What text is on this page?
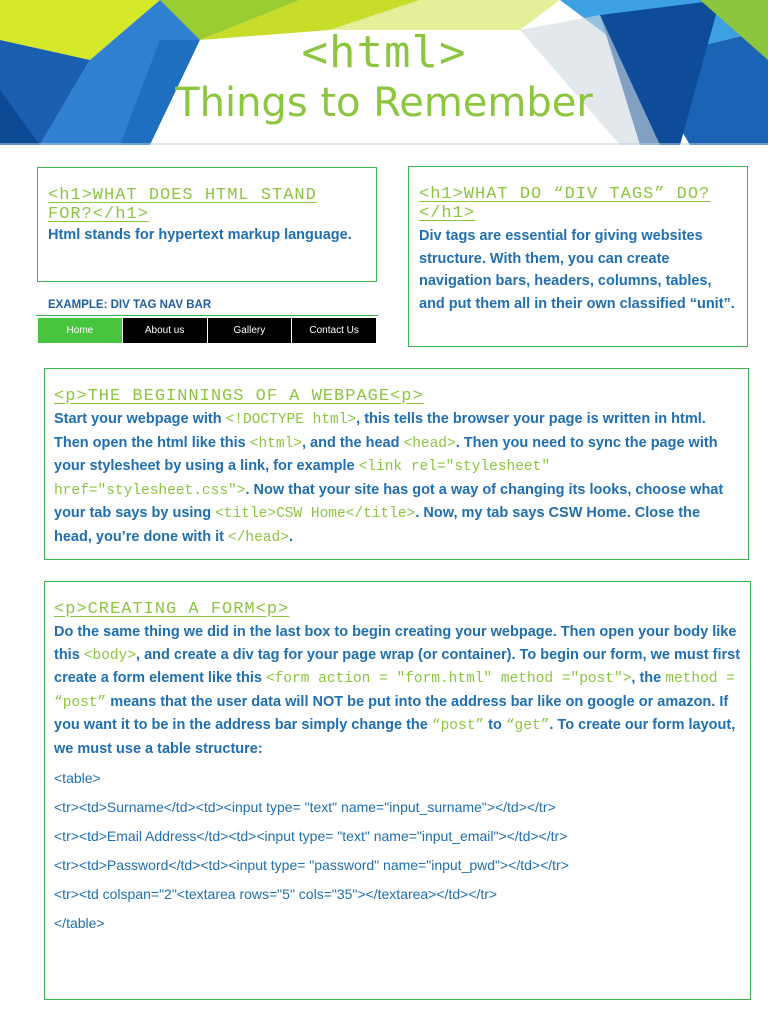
<html>
Things to Remember
<h1>WHAT DOES HTML STAND FOR?</h1>
Html stands for hypertext markup language.
<h1>WHAT DO “DIV TAGS” DO?</h1>
Div tags are essential for giving websites structure. With them, you can create navigation bars, headers, columns, tables, and put them all in their own classified “unit”.
EXAMPLE: DIV TAG NAV BAR
Home	About us	Gallery	Contact Us
<p>THE BEGINNINGS OF A WEBPAGE<p>
Start your webpage with <!DOCTYPE html>, this tells the browser your page is written in html. Then open the html like this <html>, and the head <head>. Then you need to sync the page with your stylesheet by using a link, for example <link rel="stylesheet" href="stylesheet.css">. Now that your site has got a way of changing its looks, choose what your tab says by using <title>CSW Home</title>. Now, my tab says CSW Home. Close the head, you’re done with it </head>.
<p>CREATING A FORM<p>
Do the same thing we did in the last box to begin creating your webpage. Then open your body like this <body>, and create a div tag for your page wrap (or container). To begin our form, we must first create a form element like this <form action = "form.html" method ="post">, the method = “post” means that the user data will NOT be put into the address bar like on google or amazon. If you want it to be in the address bar simply change the “post” to “get”. To create our form layout, we must use a table structure:

<table>

<tr><td>Surname</td><td><input type= "text" name="input_surname"></td></tr>

<tr><td>Email Address</td><td><input type= "text" name="input_email"></td></tr>

<tr><td>Password</td><td><input type= "password" name="input_pwd"></td></tr>

<tr><td colspan="2"<textarea rows="5" cols="35"></textarea></td></tr>

</table>
